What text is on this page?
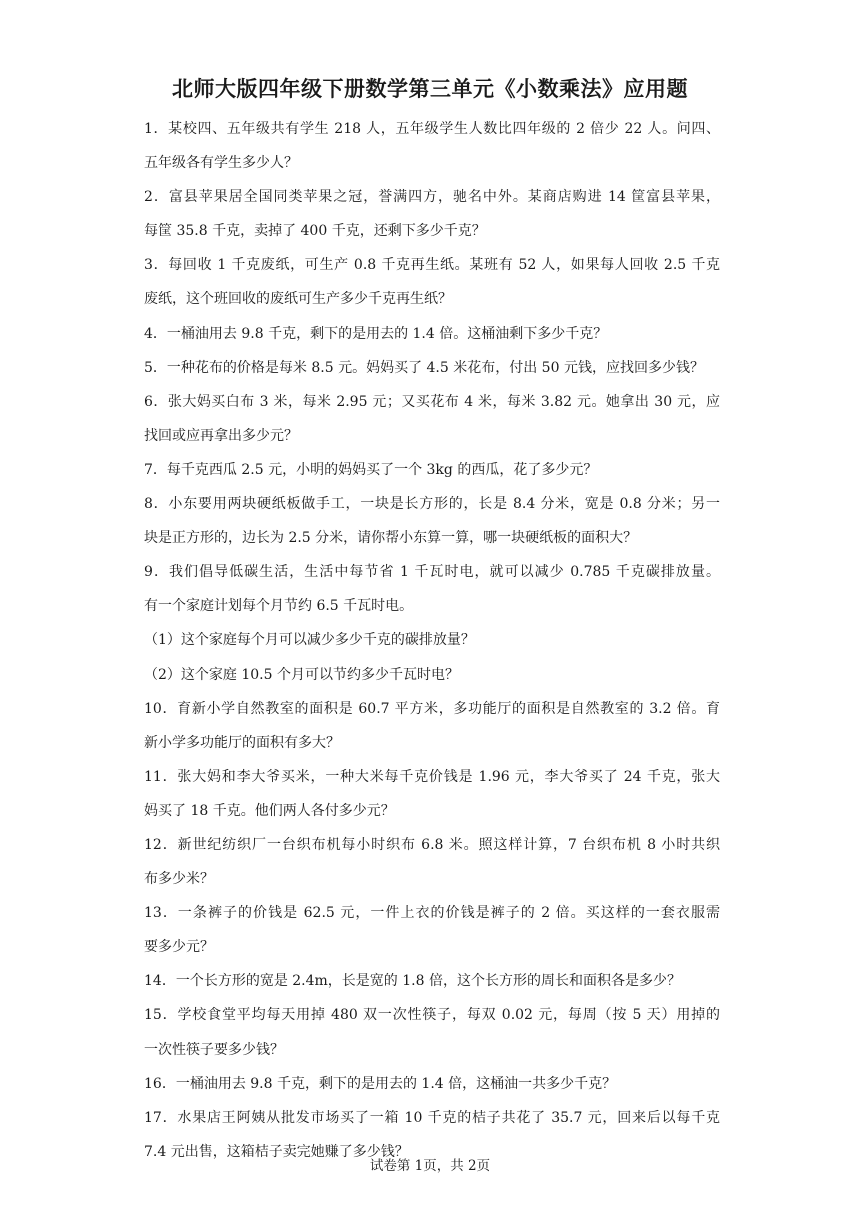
北师大版四年级下册数学第三单元《小数乘法》应用题
1．某校四、五年级共有学生 218 人，五年级学生人数比四年级的 2 倍少 22 人。问四、
五年级各有学生多少人？
2．富县苹果居全国同类苹果之冠，誉满四方，驰名中外。某商店购进 14 筐富县苹果，
每筐 35.8 千克，卖掉了 400 千克，还剩下多少千克？
3．每回收 1 千克废纸，可生产 0.8 千克再生纸。某班有 52 人，如果每人回收 2.5 千克
废纸，这个班回收的废纸可生产多少千克再生纸？
4．一桶油用去 9.8 千克，剩下的是用去的 1.4 倍。这桶油剩下多少千克？
5．一种花布的价格是每米 8.5 元。妈妈买了 4.5 米花布，付出 50 元钱，应找回多少钱？
6．张大妈买白布 3 米，每米 2.95 元；又买花布 4 米，每米 3.82 元。她拿出 30 元，应
找回或应再拿出多少元？
7．每千克西瓜 2.5 元，小明的妈妈买了一个 3kg 的西瓜，花了多少元？
8．小东要用两块硬纸板做手工，一块是长方形的，长是 8.4 分米，宽是 0.8 分米；另一
块是正方形的，边长为 2.5 分米，请你帮小东算一算，哪一块硬纸板的面积大？
9．我们倡导低碳生活，生活中每节省 1 千瓦时电，就可以减少 0.785 千克碳排放量。
有一个家庭计划每个月节约 6.5 千瓦时电。
（1）这个家庭每个月可以减少多少千克的碳排放量？
（2）这个家庭 10.5 个月可以节约多少千瓦时电？
10．育新小学自然教室的面积是 60.7 平方米，多功能厅的面积是自然教室的 3.2 倍。育
新小学多功能厅的面积有多大？
11．张大妈和李大爷买米，一种大米每千克价钱是 1.96 元，李大爷买了 24 千克，张大
妈买了 18 千克。他们两人各付多少元？
12．新世纪纺织厂一台织布机每小时织布 6.8 米。照这样计算，7 台织布机 8 小时共织
布多少米？
13．一条裤子的价钱是 62.5 元，一件上衣的价钱是裤子的 2 倍。买这样的一套衣服需
要多少元？
14．一个长方形的宽是 2.4m，长是宽的 1.8 倍，这个长方形的周长和面积各是多少？
15．学校食堂平均每天用掉 480 双一次性筷子，每双 0.02 元，每周（按 5 天）用掉的
一次性筷子要多少钱？
16．一桶油用去 9.8 千克，剩下的是用去的 1.4 倍，这桶油一共多少千克？
17．水果店王阿姨从批发市场买了一箱 10 千克的桔子共花了 35.7 元，回来后以每千克
7.4 元出售，这箱桔子卖完她赚了多少钱？
试卷第 1页，共 2页
